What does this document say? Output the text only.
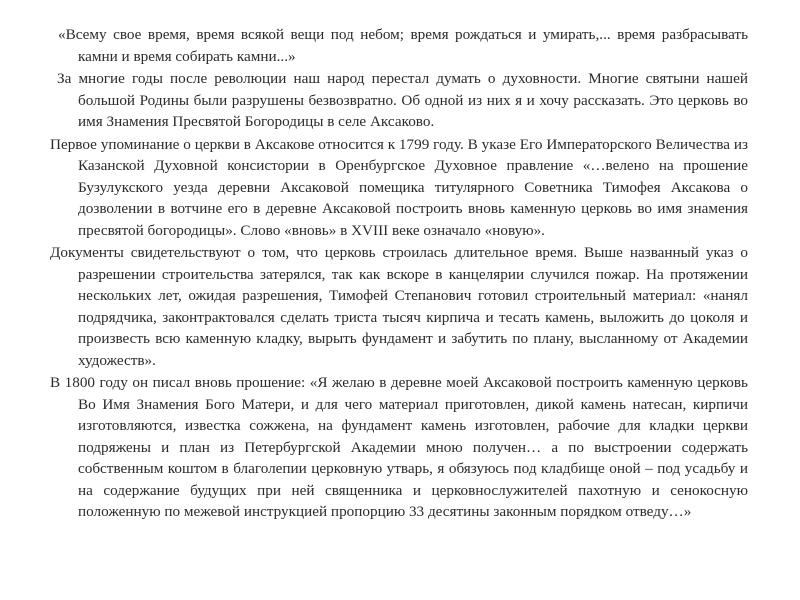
«Всему свое время, время всякой вещи под небом; время рождаться и умирать,... время разбрасывать камни и время собирать камни...»

За многие годы после революции наш народ перестал думать о духовности. Многие святыни нашей большой Родины были разрушены безвозвратно. Об одной из них я и хочу рассказать. Это церковь во имя Знамения Пресвятой Богородицы в селе Аксаково.

Первое упоминание о церкви в Аксакове относится к 1799 году. В указе Его Императорского Величества из Казанской Духовной консистории в Оренбургское Духовное правление «…велено на прошение Бузулукского уезда деревни Аксаковой помещика титулярного Советника Тимофея Аксакова о дозволении в вотчине его в деревне Аксаковой построить вновь каменную церковь во имя знамения пресвятой богородицы». Слово «вновь» в XVIII веке означало «новую».

Документы свидетельствуют о том, что церковь строилась длительное время. Выше названный указ о разрешении строительства затерялся, так как вскоре в канцелярии случился пожар. На протяжении нескольких лет, ожидая разрешения, Тимофей Степанович готовил строительный материал: «нанял подрядчика, законтрактовался сделать триста тысяч кирпича и тесать камень, выложить до цоколя и произвесть всю каменную кладку, вырыть фундамент и забутить по плану, высланному от Академии художеств».

В 1800 году он писал вновь прошение: «Я желаю в деревне моей Аксаковой построить каменную церковь Во Имя Знамения Бого Матери, и для чего материал приготовлен, дикой камень натесан, кирпичи изготовляются, известка сожжена, на фундамент камень изготовлен, рабочие для кладки церкви подряжены и план из Петербургской Академии мною получен… а по выстроении содержать собственным коштом в благолепии церковную утварь, я обязуюсь под кладбище оной – под усадьбу и на содержание будущих при ней священника и церковнослужителей пахотную и сенокосную положенную по межевой инструкцией пропорцию 33 десятины законным порядком отведу…»
